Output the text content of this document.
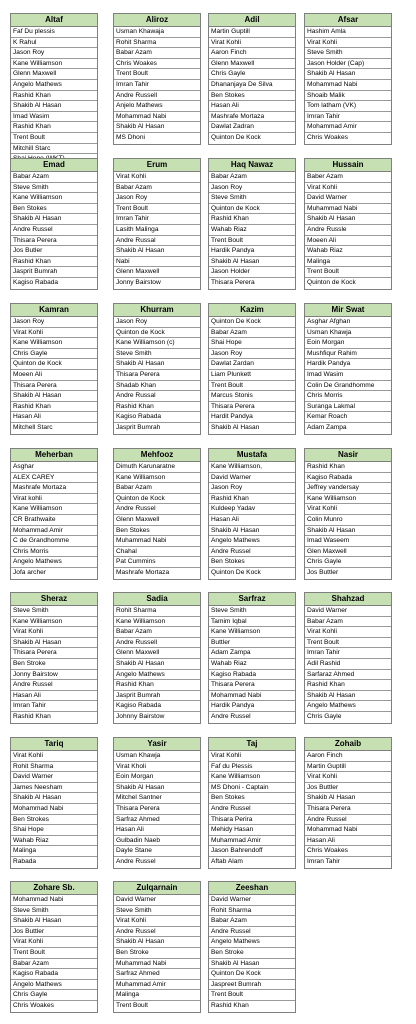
Altaf
Faf Du plessis
K Rahul
Jason Roy
Kane Williamson
Glenn Maxwell
Angelo Mathews
Rashid Khan
Shakib Al Hasan
Imad Wasim
Rashid Khan
Trent Boult
Mitchill Starc
Aliroz
Usman Khawaja
Rohit Sharma
Babar Azam
Chris Woakes
Trent Boult
Imran Tahir
Andre Russell
Anjelo Mathews
Mohammad Nabi
Shakib Al Hasan
MS Dhoni
Adil
Martin Guptill
Virat Kohli
Aaron Finch
Glenn Maxwell
Chris Gayle
Dhananjaya De Silva
Ben Stokes
Hasan Ali
Mashrafe Mortaza
Dawlat Zadran
Quinton De Kock
Afsar
Hashim Amla
Virat Kohli
Steve Smith
Jason Holder (Cap)
Shakib Al Hasan
Mohammad Nabi
Shoaib Malik
Tom latham (VK)
Imran Tahir
Mohammad Amir
Chris Woakes
Emad
Babar Azam
Steve Smith
Kane Williamson
Ben Stokes
Shakib Al Hasan
Andre Russel
Thisara Perera
Jos Butler
Rashid Khan
Jasprit Bumrah
Kagiso Rabada
Erum
Virat Kohli
Babar Azam
Jason Roy
Trent Boult
Imran Tahir
Lasith Malinga
Andre Russal
Shakib Al Hasan
Nabi
Glenn Maxwell
Jonny Bairstow
Haq Nawaz
Babar Azam
Jason Roy
Steve Smith
Quinton de Kock
Rashid Khan
Wahab Riaz
Trent Boult
Hardik Pandya
Shakib Al Hasan
Jason Holder
Thisara Perera
Hussain
Baber Azam
Virat Kohli
David Warner
Muhammad Nabi
Shakib Al Hasan
Andre Russle
Moeen Ali
Wahab Riaz
Malinga
Trent Boult
Quinton de Kock
Kamran
Jason Roy
Virat Kohli
Kane Williamson
Chris Gayle
Quinton de Kock
Moeen Ali
Thisara Perera
Shakib Al Hasan
Rashid Khan
Hasan Ali
Mitchell Starc
Khurram
Jason Roy
Quinton de Kock
Kane Williamson (c)
Steve Smith
Shakib Al Hasan
Thisara Perera
Shadab Khan
Andre Russal
Rashid Khan
Kagiso Rabada
Jasprit Bumrah
Kazim
Quinton De Kock
Babar Azam
Shai Hope
Jason Roy
Dawlat Zardan
Liam Plunkett
Trent Boult
Marcus Stonis
Thisara Perera
Hardit Pandya
Shakib Al Hasan
Mir Swat
Asghar Afghan
Usman Khawja
Eoin Morgan
Mushfiqur Rahim
Hardik Pandya
Imad Wasim
Colin De Grandhomme
Chris Morris
Suranga Lakmal
Kemar Roach
Adam Zampa
Meherban
Asghar
ALEX CAREY
Mashrafe Mortaza
Virat kohli
Kane Williamson
CR Brathwaite
Mohammad Amir
C de Grandhomme
Chris Morris
Angelo Mathews
Jofa archer
Mehfooz
Dimuth Karunaratne
Kane Williamson
Babar Azam
Quinton de Kock
Andre Russel
Glenn Maxwell
Ben Stokes
Muhammad Nabi
Chahal
Pat Cummins
Mashrafe Mortaza
Mustafa
Kane Williamson,
David Warner
Jason Roy
Rashid Khan
Kuldeep Yadav
Hasan Ali
Shakib Al Hasan
Angelo Mathews
Andre Russel
Ben Stokes
Quinton De Kock
Nasir
Rashid Khan
Kagiso Rabada
Jeffrey vandersay
Kane Williamson
Virat Kohli
Colin Munro
Shakib Al Hasan
Imad Waseem
Glen Maxwell
Chris Gayle
Jos Buttler
Sheraz
Steve Smith
Kane Williamson
Virat Kohli
Shakib Al Hasan
Thisara Perera
Ben Stroke
Jonny Bairstow
Andre Russel
Hasan Ali
Imran Tahir
Rashid Khan
Sadia
Rohit Sharma
Kane Williamson
Babar Azam
Andre Russell
Glenn Maxwell
Shakib Al Hasan
Angelo Mathews
Rashid Khan
Jasprit Bumrah
Kagiso Rabada
Johnny Bairstow
Sarfraz
Steve Smith
Tamim Iqbal
Kane Williamson
Buttler
Adam Zampa
Wahab Riaz
Kagiso Rabada
Thisara Perera
Mohammad Nabi
Hardik Pandya
Andre Russel
Shahzad
David Warner
Babar Azam
Virat Kohli
Trent Boult
Imran Tahir
Adil Rashid
Sarfaraz Ahmed
Rashid Khan
Shakib Al Hasan
Angelo Mathews
Chris Gayle
Tariq
Virat Kohli
Rohit Sharma
David Warner
James Neesham
Shakib Al Hasan
Mohammad Nabi
Ben Strokes
Shai Hope
Wahab Riaz
Malinga
Rabada
Yasir
Usman Khawja
Virat Kholi
Eoin Morgan
Shakib Al Hasan
Mitchel Santner
Thisara Perera
Sarfraz Ahmed
Hasan Ali
Gulbadin Naeb
Dayle Stane
Andre Russel
Taj
Virat Kohli
Faf du Plessis
Kane Williamson
MS Dhoni - Captain
Ben Stokes
Andre Russel
Thisara Perira
Mehidy Hasan
Muhammad Amir
Jason Bahrendoff
Aftab Alam
Zohaib
Aaron Finch
Martin Guptill
Virat Kohli
Jos Buttler
Shakib Al Hasan
Thisara Perera
Andre Russel
Mohammad Nabi
Hasan Ali
Chris Woakes
Imran Tahir
Zohare Sb.
Mohammad Nabi
Steve Smith
Shakib Al Hasan
Jos Buttler
Virat Kohli
Trent Boult
Babar Azam
Kagiso Rabada
Angelo Mathews
Chris Gayle
Chris Woakes
Zulqarnain
David Warner
Steve Smith
Virat Kohli
Andre Russel
Shakib Al Hasan
Ben Stroke
Muhammad Nabi
Sarfraz Ahmed
Muhammad Amir
Malinga
Trent Boult
Zeeshan
David Warner
Rohit Sharma
Babar Azam
Andre Russel
Angelo Mathews
Ben Stroke
Shakib Al Hasan
Quinton De Kock
Jaspreet Bumrah
Trent Boult
Rashid Khan
